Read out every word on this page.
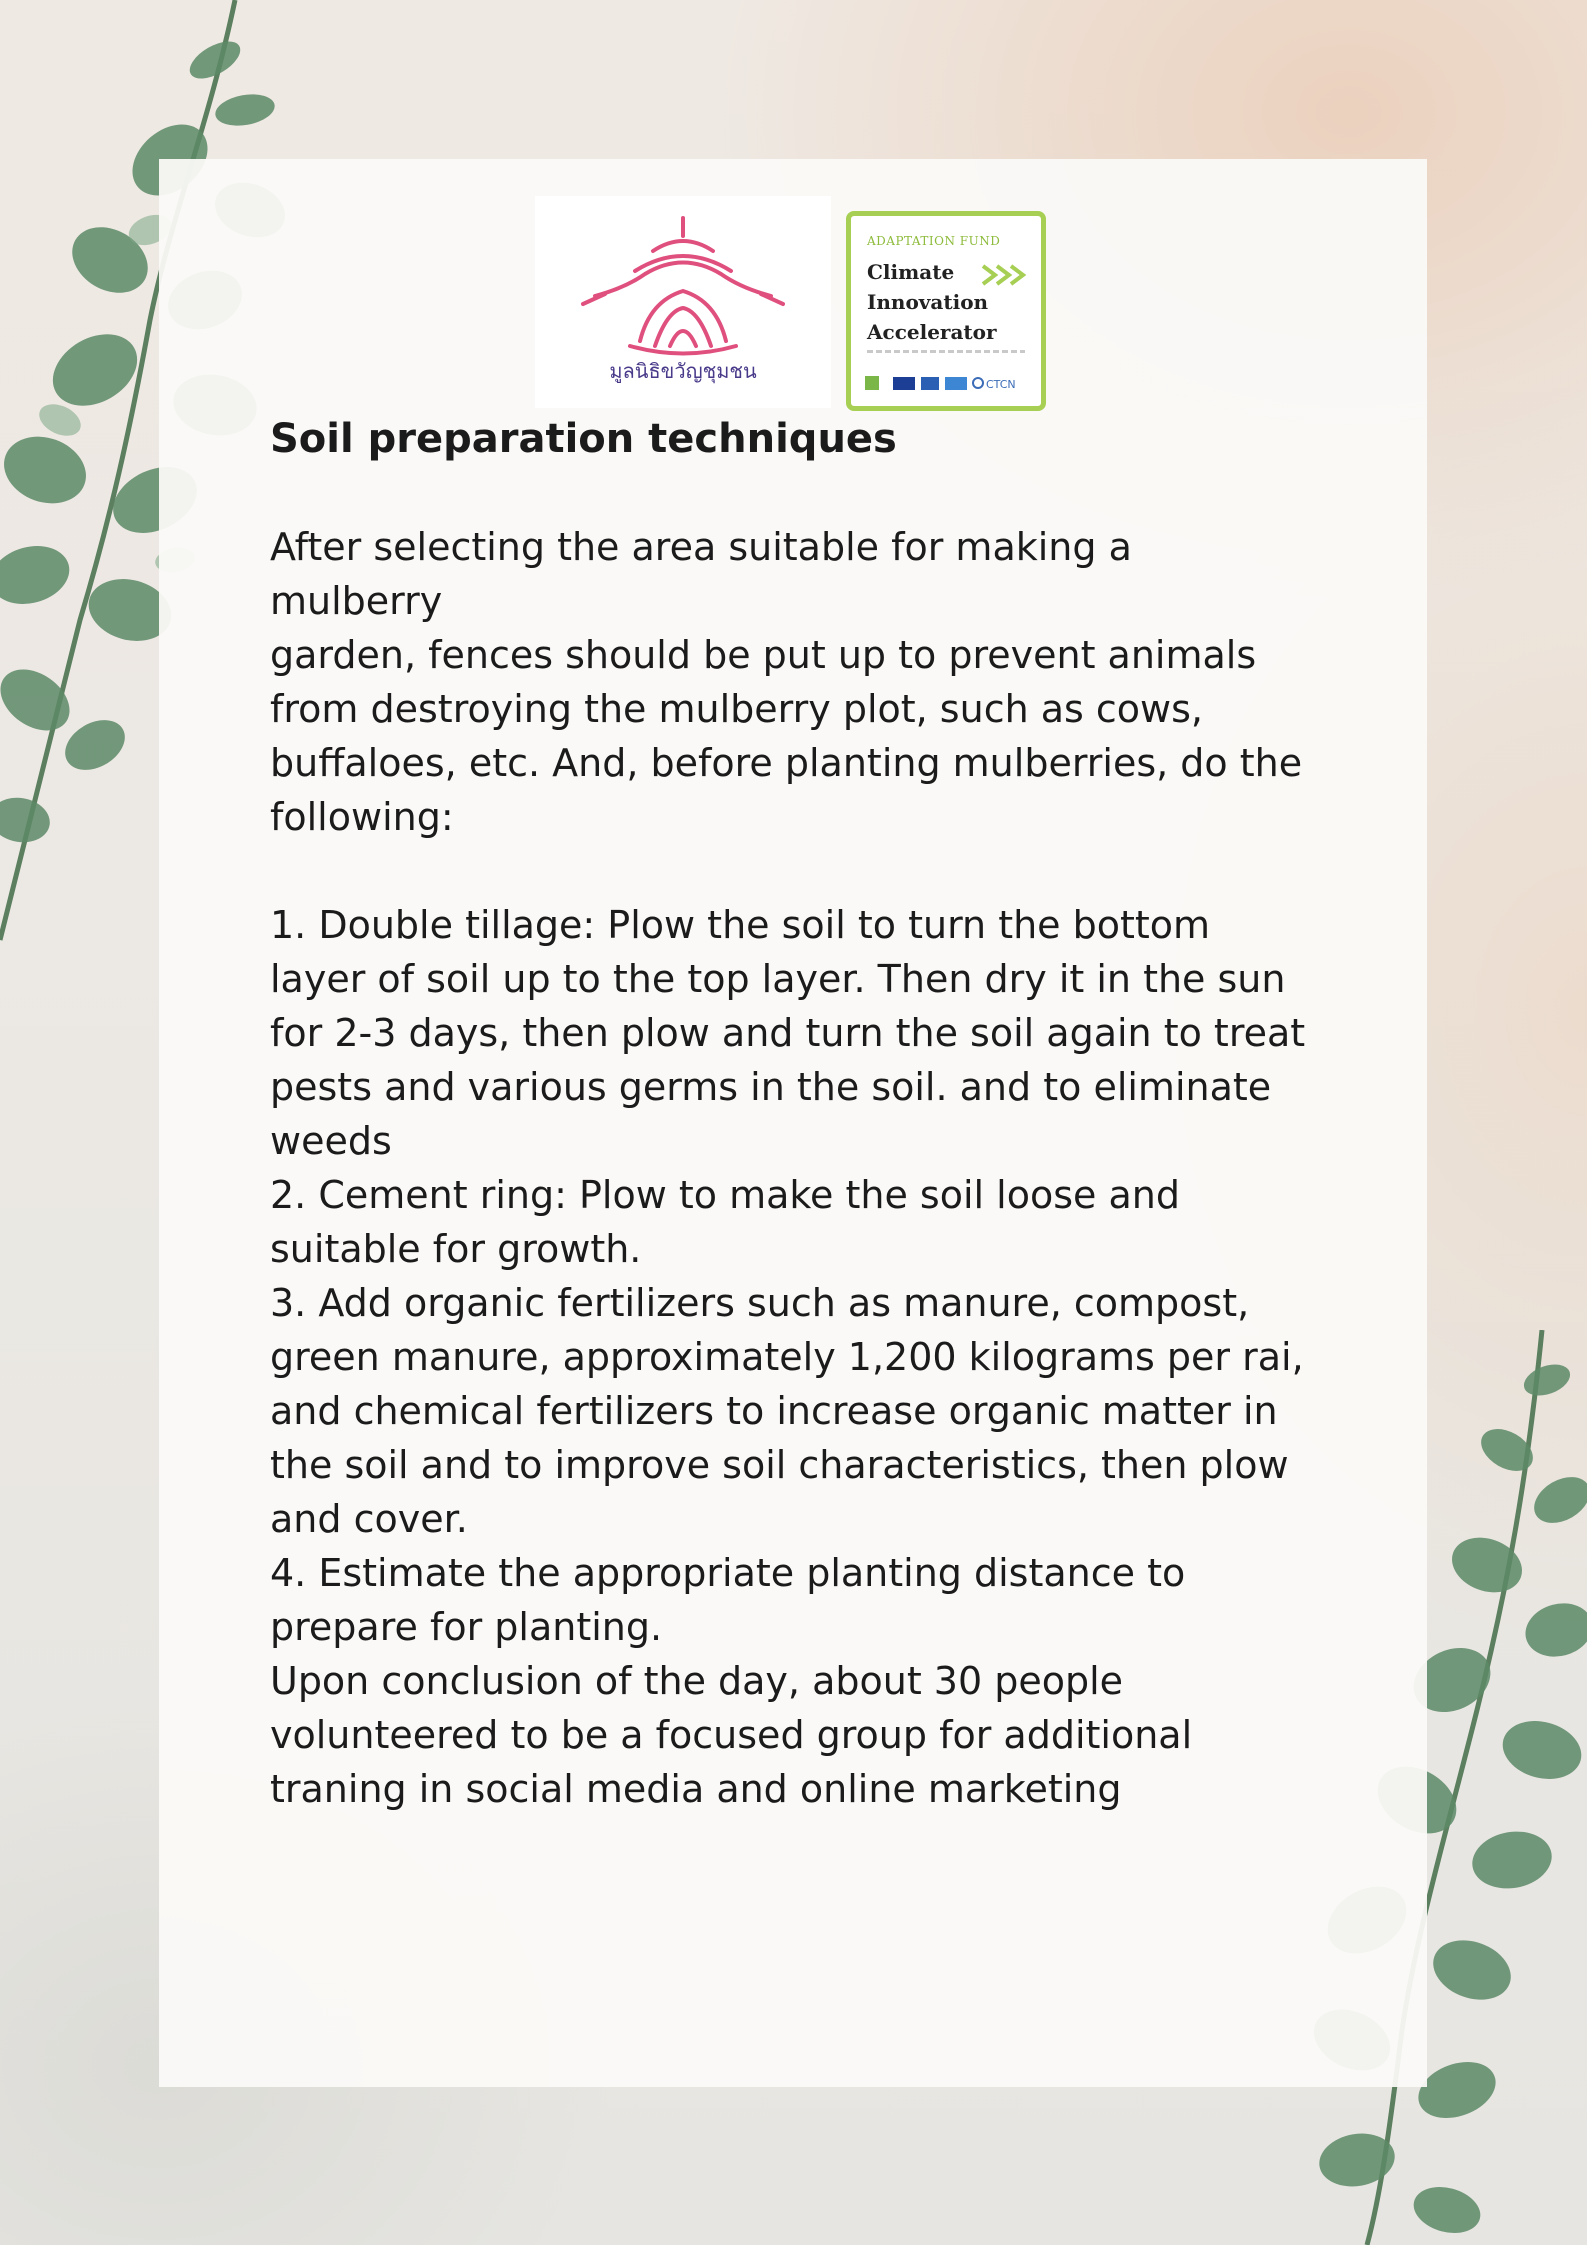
มูลนิธิขวัญชุมชน
ADAPTATION FUND
Climate
Innovation
Accelerator
CTCN
Soil preparation techniques

After selecting the area suitable for making a mulberry
garden, fences should be put up to prevent animals
from destroying the mulberry plot, such as cows,
buffaloes, etc. And, before planting mulberries, do the
following:

1. Double tillage: Plow the soil to turn the bottom
layer of soil up to the top layer. Then dry it in the sun
for 2-3 days, then plow and turn the soil again to treat
pests and various germs in the soil. and to eliminate
weeds

2. Cement ring: Plow to make the soil loose and
suitable for growth.

3. Add organic fertilizers such as manure, compost,
green manure, approximately 1,200 kilograms per rai,
and chemical fertilizers to increase organic matter in
the soil and to improve soil characteristics, then plow
and cover.

4. Estimate the appropriate planting distance to
prepare for planting.

Upon conclusion of the day, about 30 people
volunteered to be a focused group for additional
traning in social media and online marketing
